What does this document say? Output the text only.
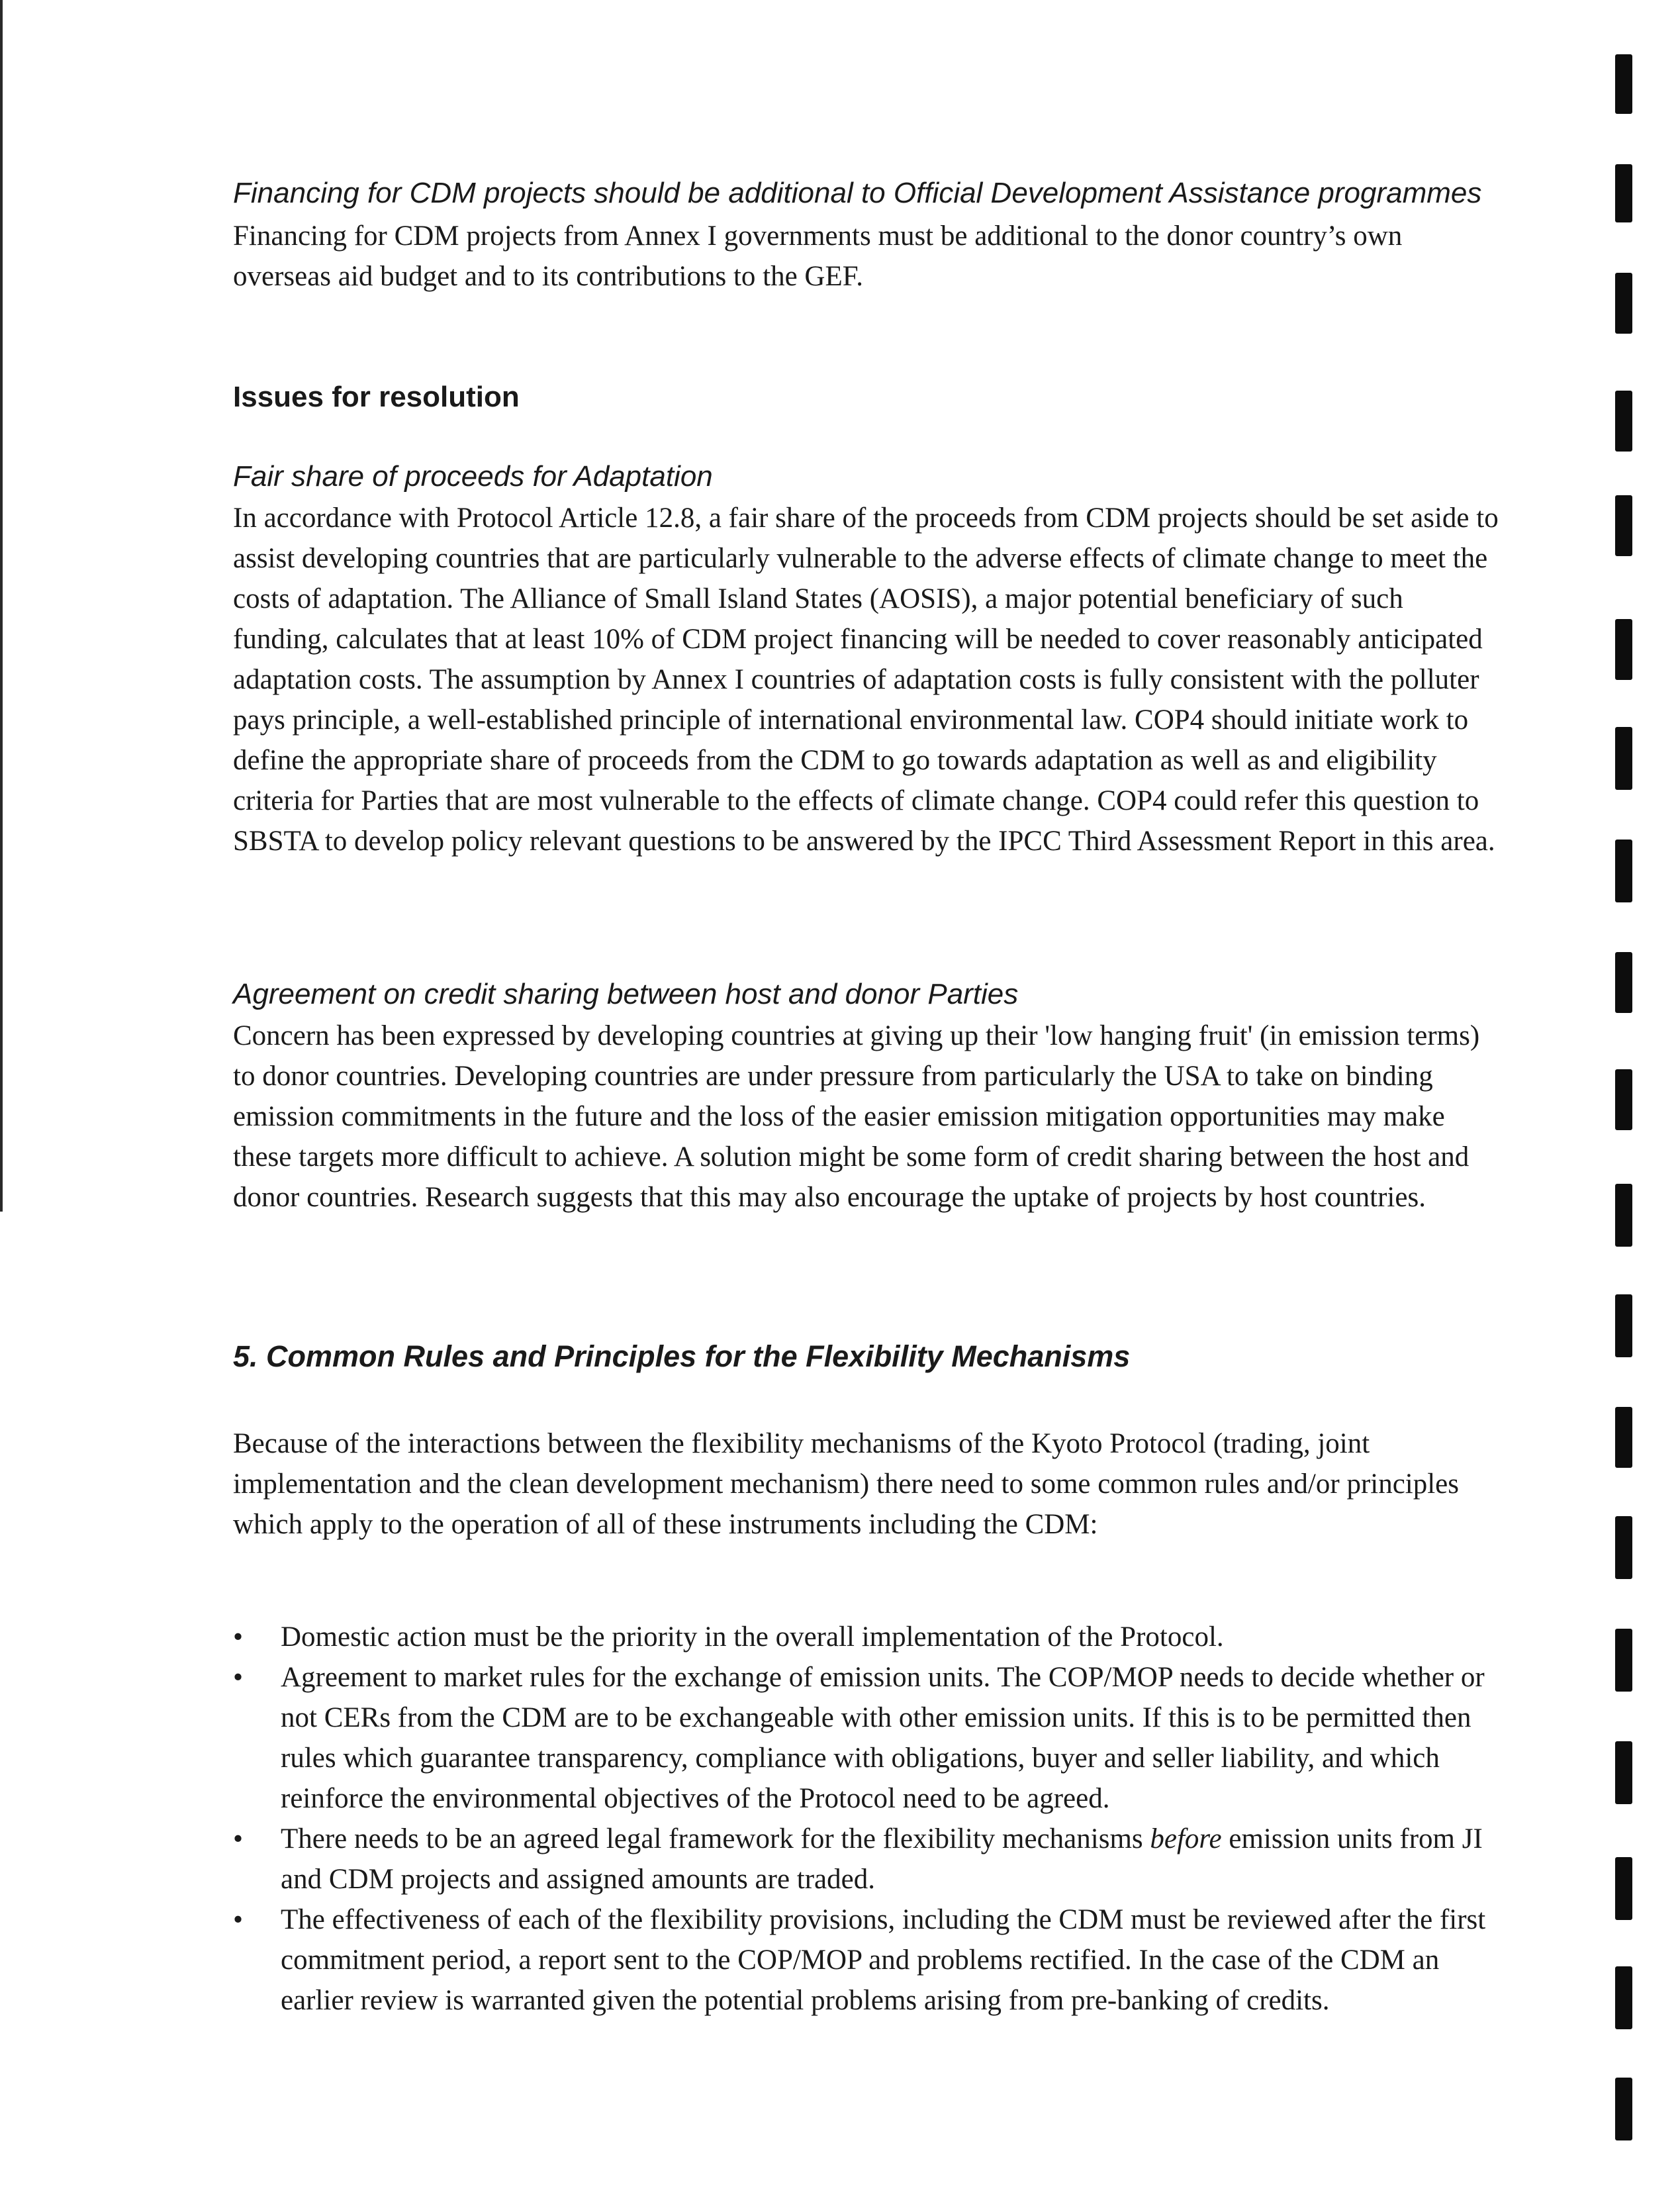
Financing for CDM projects should be additional to Official Development Assistance programmes

Financing for CDM projects from Annex I governments must be additional to the donor country’s own overseas aid budget and to its contributions to the GEF.

Issues for resolution

Fair share of proceeds for Adaptation

In accordance with Protocol Article 12.8, a fair share of the proceeds from CDM projects should be set aside to assist developing countries that are particularly vulnerable to the adverse effects of climate change to meet the costs of adaptation. The Alliance of Small Island States (AOSIS), a major potential beneficiary of such funding, calculates that at least 10% of CDM project financing will be needed to cover reasonably anticipated adaptation costs. The assumption by Annex I countries of adaptation costs is fully consistent with the polluter pays principle, a well-established principle of international environmental law. COP4 should initiate work to define the appropriate share of proceeds from the CDM to go towards adaptation as well as and eligibility criteria for Parties that are most vulnerable to the effects of climate change. COP4 could refer this question to SBSTA to develop policy relevant questions to be answered by the IPCC Third Assessment Report in this area.

Agreement on credit sharing between host and donor Parties

Concern has been expressed by developing countries at giving up their 'low hanging fruit' (in emission terms) to donor countries. Developing countries are under pressure from particularly the USA to take on binding emission commitments in the future and the loss of the easier emission mitigation opportunities may make these targets more difficult to achieve. A solution might be some form of credit sharing between the host and donor countries. Research suggests that this may also encourage the uptake of projects by host countries.

5. Common Rules and Principles for the Flexibility Mechanisms

Because of the interactions between the flexibility mechanisms of the Kyoto Protocol (trading, joint implementation and the clean development mechanism) there need to some common rules and/or principles which apply to the operation of all of these instruments including the CDM:

• Domestic action must be the priority in the overall implementation of the Protocol.
• Agreement to market rules for the exchange of emission units. The COP/MOP needs to decide whether or not CERs from the CDM are to be exchangeable with other emission units. If this is to be permitted then rules which guarantee transparency, compliance with obligations, buyer and seller liability, and which reinforce the environmental objectives of the Protocol need to be agreed.
• There needs to be an agreed legal framework for the flexibility mechanisms before emission units from JI and CDM projects and assigned amounts are traded.
• The effectiveness of each of the flexibility provisions, including the CDM must be reviewed after the first commitment period, a report sent to the COP/MOP and problems rectified. In the case of the CDM an earlier review is warranted given the potential problems arising from pre-banking of credits.
